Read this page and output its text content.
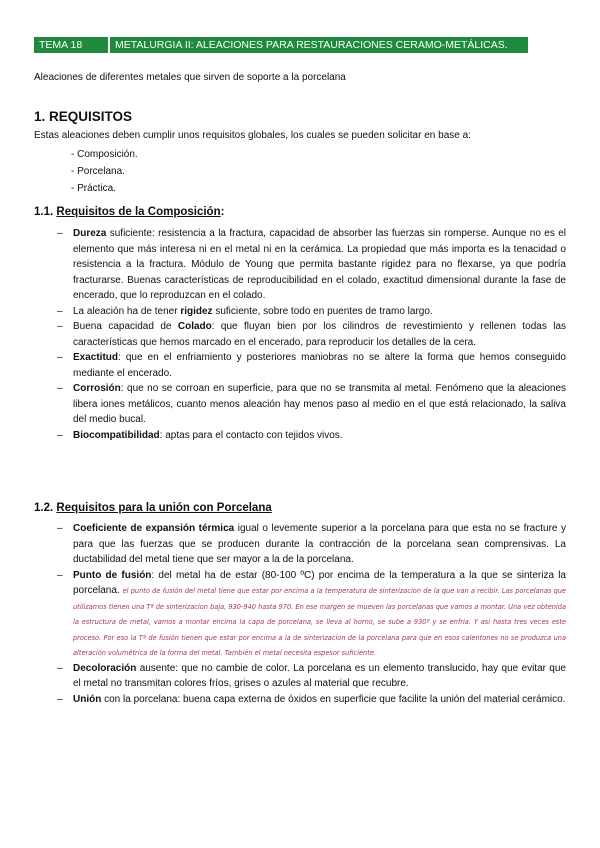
TEMA 18	METALURGIA II: ALEACIONES PARA RESTAURACIONES CERAMO-METÁLICAS.
Aleaciones de diferentes metales que sirven de soporte a la porcelana
1. REQUISITOS
Estas aleaciones deben cumplir unos requisitos globales, los cuales se pueden solicitar en base a:
- Composición.
- Porcelana.
- Práctica.
1.1. Requisitos de la Composición:
–	Dureza suficiente: resistencia a la fractura, capacidad de absorber las fuerzas sin romperse. Aunque no es el elemento que más interesa ni en el metal ni en la cerámica. La propiedad que más importa es la tenacidad o resistencia a la fractura. Módulo de Young que permita bastante rigidez para no flexarse, ya que podría fracturarse. Buenas características de reproducibilidad en el colado, exactitud dimensional durante la fase de encerado, que lo reproduzcan en el colado.
–	La aleación ha de tener rigidez suficiente, sobre todo en puentes de tramo largo.
–	Buena capacidad de Colado: que fluyan bien por los cilindros de revestimiento y rellenen todas las características que hemos marcado en el encerado, para reproducir los detalles de la cera.
–	Exactitud: que en el enfriamiento y posteriores maniobras no se altere la forma que hemos conseguido mediante el encerado.
–	Corrosión: que no se corroan en superficie, para que no se transmita al metal. Fenómeno que la aleaciones libera iones metálicos, cuanto menos aleación hay menos paso al medio en el que está relacionado, la saliva del medio bucal.
–	Biocompatibilidad: aptas para el contacto con tejidos vivos.
1.2. Requisitos para la unión con Porcelana
–	Coeficiente de expansión térmica igual o levemente superior a la porcelana para que esta no se fracture y para que las fuerzas que se producen durante la contracción de la porcelana sean comprensivas. La ductabilidad del metal tiene que ser mayor a la de la porcelana.
–	Punto de fusión: del metal ha de estar (80-100 ºC) por encima de la temperatura a la que se sinteriza la porcelana. el punto de fusión del metal tiene que estar por encima a la temperatura de sinterizacion de la que van a recibir. Las porcelanas que utilizamos tienen una Tª de sinterizacion baja, 930-940 hasta 970. En ese margen se mueven las porcelanas que vamos a montar. Una vez obtenida la estructura de metal, vamos a montar encima la capa de porcelana, se lleva al horno, se sube a 930º y se enfria. Y asi hasta tres veces este proceso. Por eso la Tª de fusión tienen que estar por encima a la de sinterizacion de la porcelana para que en esos calentones no se produzca una alteración volumétrica de la forma del metal. También el metal necesita espesor suficiente.
–	Decoloración ausente: que no cambie de color. La porcelana es un elemento translucido, hay que evitar que el metal no transmitan colores fríos, grises o azules al material que recubre.
–	Unión con la porcelana: buena capa externa de óxidos en superficie que facilite la unión del material cerámico.
